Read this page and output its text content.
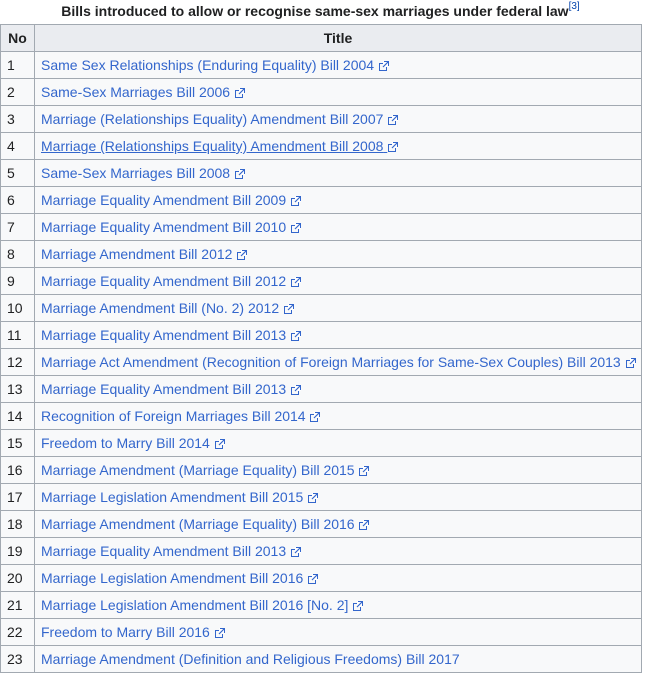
Bills introduced to allow or recognise same-sex marriages under federal law[3]
No	Title
1	Same Sex Relationships (Enduring Equality) Bill 2004
2	Same-Sex Marriages Bill 2006
3	Marriage (Relationships Equality) Amendment Bill 2007
4	Marriage (Relationships Equality) Amendment Bill 2008
5	Same-Sex Marriages Bill 2008
6	Marriage Equality Amendment Bill 2009
7	Marriage Equality Amendment Bill 2010
8	Marriage Amendment Bill 2012
9	Marriage Equality Amendment Bill 2012
10	Marriage Amendment Bill (No. 2) 2012
11	Marriage Equality Amendment Bill 2013
12	Marriage Act Amendment (Recognition of Foreign Marriages for Same-Sex Couples) Bill 2013
13	Marriage Equality Amendment Bill 2013
14	Recognition of Foreign Marriages Bill 2014
15	Freedom to Marry Bill 2014
16	Marriage Amendment (Marriage Equality) Bill 2015
17	Marriage Legislation Amendment Bill 2015
18	Marriage Amendment (Marriage Equality) Bill 2016
19	Marriage Equality Amendment Bill 2013
20	Marriage Legislation Amendment Bill 2016
21	Marriage Legislation Amendment Bill 2016 [No. 2]
22	Freedom to Marry Bill 2016
23	Marriage Amendment (Definition and Religious Freedoms) Bill 2017
